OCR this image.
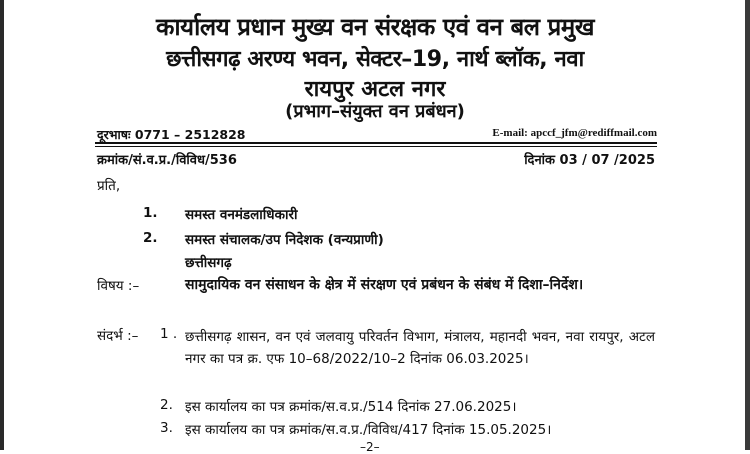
कार्यालय प्रधान मुख्य वन संरक्षक एवं वन बल प्रमुख
छत्तीसगढ़ अरण्य भवन, सेक्टर–19, नार्थ ब्लॉक, नवा
रायपुर अटल नगर
(प्रभाग–संयुक्त वन प्रबंधन)
दूरभाषः 0771 – 2512828	E-mail: apccf_jfm@rediffmail.com
क्रमांक/सं.व.प्र./विविध/536	दिनांक 03 / 07 /2025
प्रति,
1. समस्त वनमंडलाधिकारी
2. समस्त संचालक/उप निदेशक (वन्यप्राणी)
छत्तीसगढ़
विषय :–	सामुदायिक वन संसाधन के क्षेत्र में संरक्षण एवं प्रबंधन के संबंध में दिशा–निर्देश।
संदर्भ :– 1 . छत्तीसगढ़ शासन, वन एवं जलवायु परिवर्तन विभाग, मंत्रालय, महानदी भवन, नवा रायपुर, अटल नगर का पत्र क्र. एफ 10–68/2022/10–2 दिनांक 06.03.2025।
2. इस कार्यालय का पत्र क्रमांक/स.व.प्र./514 दिनांक 27.06.2025।
3. इस कार्यालय का पत्र क्रमांक/स.व.प्र./विविध/417 दिनांक 15.05.2025।
–2–
